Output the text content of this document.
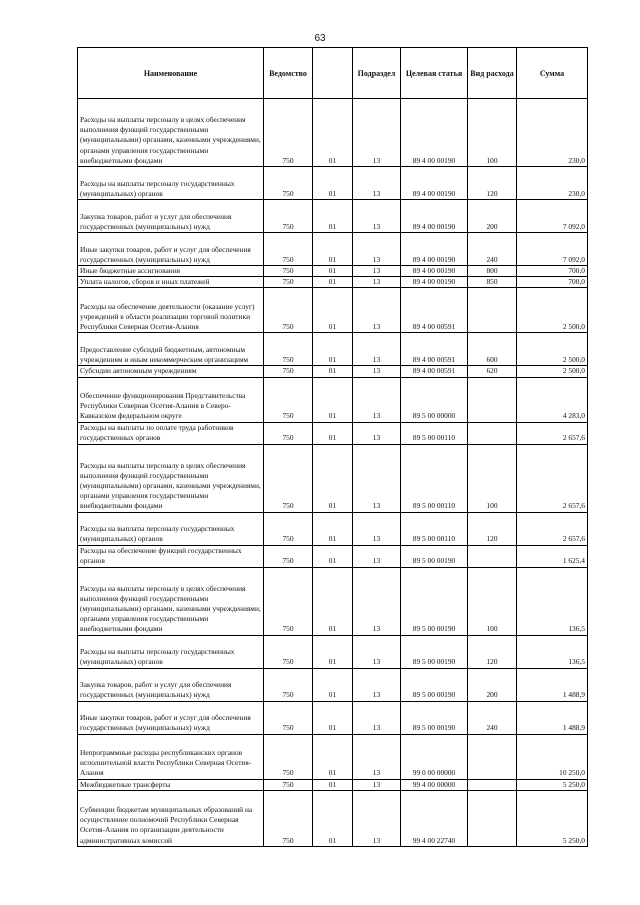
63
Наименование	Ведомство		Подраздел	Целевая статья	Вид расхода	Сумма
Расходы на выплаты персоналу в целях обеспечения выполнения функций государственными (муниципальными) органами, казенными учреждениями, органами управления государственными внебюджетными фондами	750	01	13	89 4 00 00190	100	230,0
Расходы на выплаты персоналу государственных (муниципальных) органов	750	01	13	89 4 00 00190	120	230,0
Закупка товаров, работ и услуг для обеспечения государственных (муниципальных) нужд	750	01	13	89 4 00 00190	200	7 092,0
Иные закупки товаров, работ и услуг для обеспечения государственных (муниципальных) нужд	750	01	13	89 4 00 00190	240	7 092,0
Иные бюджетные ассигнования	750	01	13	89 4 00 00190	800	700,0
Уплата налогов, сборов и иных платежей	750	01	13	89 4 00 00190	850	700,0
Расходы на обеспечение деятельности (оказание услуг) учреждений в области реализации торговой политики Республики Северная Осетия-Алания	750	01	13	89 4 00 00591		2 500,0
Предоставление субсидий бюджетным, автономным учреждениям и иным некоммерческим организациям	750	01	13	89 4 00 00591	600	2 500,0
Субсидии автономным учреждениям	750	01	13	89 4 00 00591	620	2 500,0
Обеспечение функционирования Представительства Республики Северная Осетия-Алания в Северо-Кавказском федеральном округе	750	01	13	89 5 00 00000		4 283,0
Расходы на выплаты по оплате труда работников государственных органов	750	01	13	89 5 00 00110		2 657,6
Расходы на выплаты персоналу в целях обеспечения выполнения функций государственными (муниципальными) органами, казенными учреждениями, органами управления государственными внебюджетными фондами	750	01	13	89 5 00 00110	100	2 657,6
Расходы на выплаты персоналу государственных (муниципальных) органов	750	01	13	89 5 00 00110	120	2 657,6
Расходы на обеспечение функций государственных органов	750	01	13	89 5 00 00190		1 625,4
Расходы на выплаты персоналу в целях обеспечения выполнения функций государственными (муниципальными) органами, казенными учреждениями, органами управления государственными внебюджетными фондами	750	01	13	89 5 00 00190	100	136,5
Расходы на выплаты персоналу государственных (муниципальных) органов	750	01	13	89 5 00 00190	120	136,5
Закупка товаров, работ и услуг для обеспечения государственных (муниципальных) нужд	750	01	13	89 5 00 00190	200	1 488,9
Иные закупки товаров, работ и услуг для обеспечения государственных (муниципальных) нужд	750	01	13	89 5 00 00190	240	1 488,9
Непрограммные расходы республиканских органов исполнительной власти Республики Северная Осетия-Алания	750	01	13	99 0 00 00000		10 250,0
Межбюджетные трансферты	750	01	13	99 4 00 00000		5 250,0
Субвенции бюджетам муниципальных образований на осуществление полномочий Республики Северная Осетия-Алания по организации деятельности административных комиссий	750	01	13	99 4 00 22740		5 250,0
